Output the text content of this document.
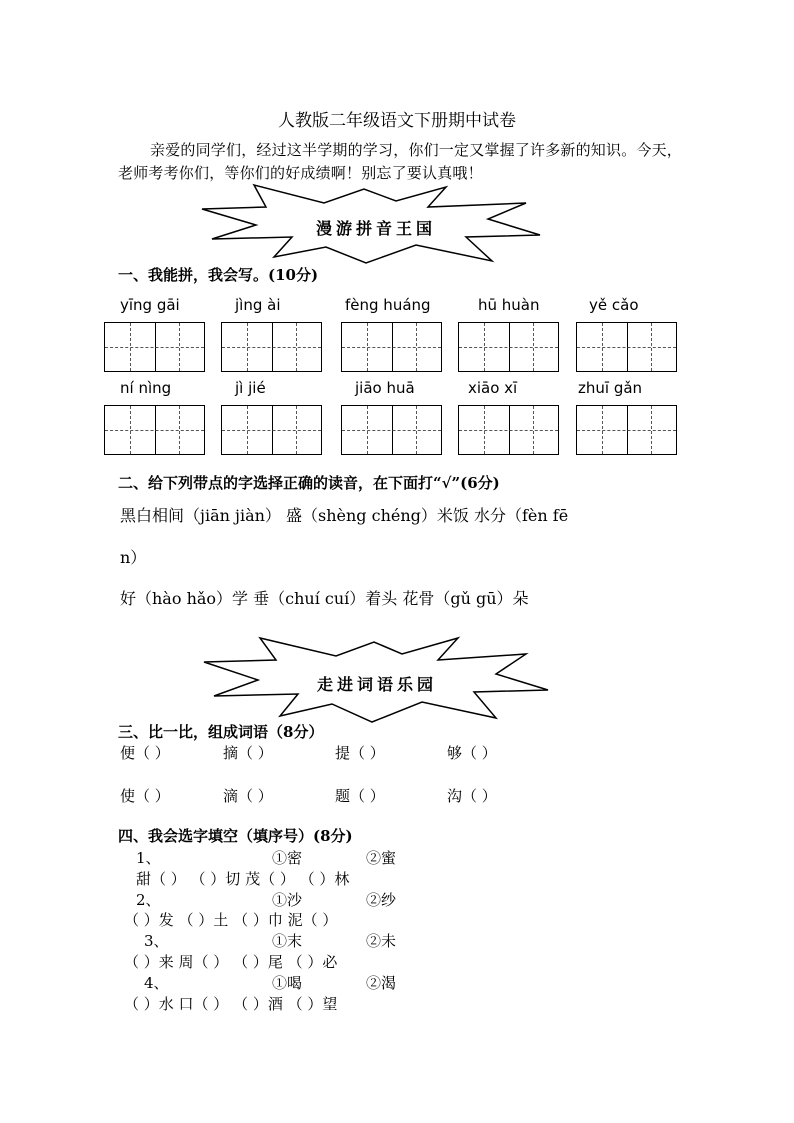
人教版二年级语文下册期中试卷
亲爱的同学们，经过这半学期的学习，你们一定又掌握了许多新的知识。今天，老师考考你们，等你们的好成绩啊！别忘了要认真哦！
漫游拼音王国
一、我能拼，我会写。(10分)
yīng gāi	jìng ài	fèng huáng	hū huàn	yě cǎo
ní nìng	jì jié	jiāo huā	xiāo xī	zhuī gǎn
二、给下列带点的字选择正确的读音，在下面打“√”(6分)
黑白相间（jiān jiàn） 盛（shèng chéng）米饭 水分（fèn fē
n）
好（hào hǎo）学 垂（chuí cuí）着头 花骨（gǔ gū）朵
走进词语乐园
三、比一比，组成词语（8分）
便（ ）	摘（ ）	提（ ）	够（ ）
使（ ）	滴（ ）	题（ ）	沟（ ）
四、我会选字填空（填序号）(8分)
1、	①密	②蜜
甜（ ） （ ）切 茂（ ） （ ）林
2、	①沙	②纱
（ ）发 （ ）土 （ ）巾 泥（ ）
3、	①末	②未
（ ）来 周（ ） （ ）尾 （ ）必
4、	①喝	②渴
（ ）水 口（ ） （ ）酒 （ ）望
